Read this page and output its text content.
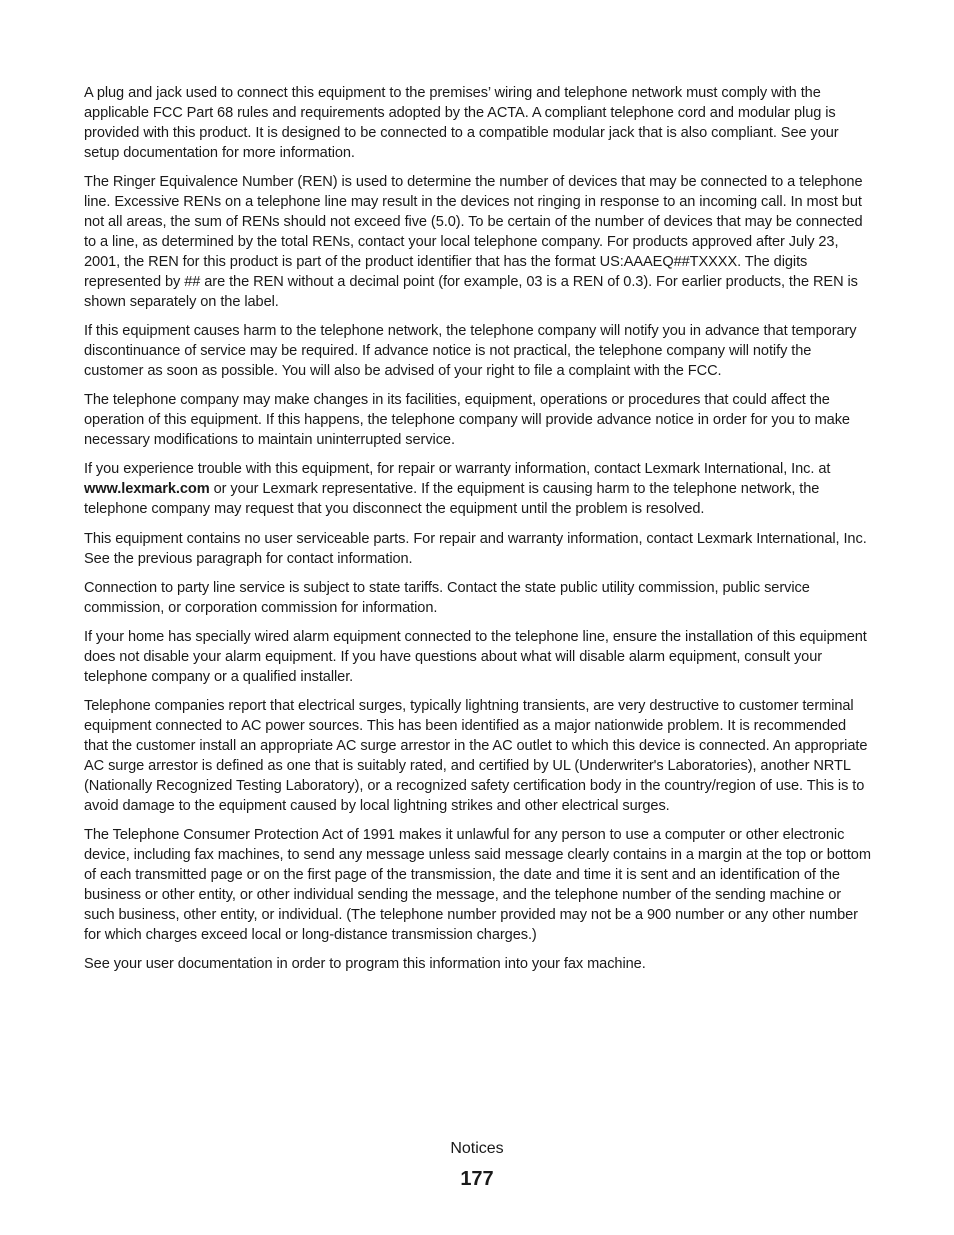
A plug and jack used to connect this equipment to the premises’ wiring and telephone network must comply with the applicable FCC Part 68 rules and requirements adopted by the ACTA. A compliant telephone cord and modular plug is provided with this product. It is designed to be connected to a compatible modular jack that is also compliant. See your setup documentation for more information.

The Ringer Equivalence Number (REN) is used to determine the number of devices that may be connected to a telephone line. Excessive RENs on a telephone line may result in the devices not ringing in response to an incoming call. In most but not all areas, the sum of RENs should not exceed five (5.0). To be certain of the number of devices that may be connected to a line, as determined by the total RENs, contact your local telephone company. For products approved after July 23, 2001, the REN for this product is part of the product identifier that has the format US:AAAEQ##TXXXX. The digits represented by ## are the REN without a decimal point (for example, 03 is a REN of 0.3). For earlier products, the REN is shown separately on the label.

If this equipment causes harm to the telephone network, the telephone company will notify you in advance that temporary discontinuance of service may be required. If advance notice is not practical, the telephone company will notify the customer as soon as possible. You will also be advised of your right to file a complaint with the FCC.

The telephone company may make changes in its facilities, equipment, operations or procedures that could affect the operation of this equipment. If this happens, the telephone company will provide advance notice in order for you to make necessary modifications to maintain uninterrupted service.

If you experience trouble with this equipment, for repair or warranty information, contact Lexmark International, Inc. at www.lexmark.com or your Lexmark representative. If the equipment is causing harm to the telephone network, the telephone company may request that you disconnect the equipment until the problem is resolved.

This equipment contains no user serviceable parts. For repair and warranty information, contact Lexmark International, Inc. See the previous paragraph for contact information.

Connection to party line service is subject to state tariffs. Contact the state public utility commission, public service commission, or corporation commission for information.

If your home has specially wired alarm equipment connected to the telephone line, ensure the installation of this equipment does not disable your alarm equipment. If you have questions about what will disable alarm equipment, consult your telephone company or a qualified installer.

Telephone companies report that electrical surges, typically lightning transients, are very destructive to customer terminal equipment connected to AC power sources. This has been identified as a major nationwide problem. It is recommended that the customer install an appropriate AC surge arrestor in the AC outlet to which this device is connected. An appropriate AC surge arrestor is defined as one that is suitably rated, and certified by UL (Underwriter's Laboratories), another NRTL (Nationally Recognized Testing Laboratory), or a recognized safety certification body in the country/region of use. This is to avoid damage to the equipment caused by local lightning strikes and other electrical surges.

The Telephone Consumer Protection Act of 1991 makes it unlawful for any person to use a computer or other electronic device, including fax machines, to send any message unless said message clearly contains in a margin at the top or bottom of each transmitted page or on the first page of the transmission, the date and time it is sent and an identification of the business or other entity, or other individual sending the message, and the telephone number of the sending machine or such business, other entity, or individual. (The telephone number provided may not be a 900 number or any other number for which charges exceed local or long-distance transmission charges.)

See your user documentation in order to program this information into your fax machine.

Notices
177
